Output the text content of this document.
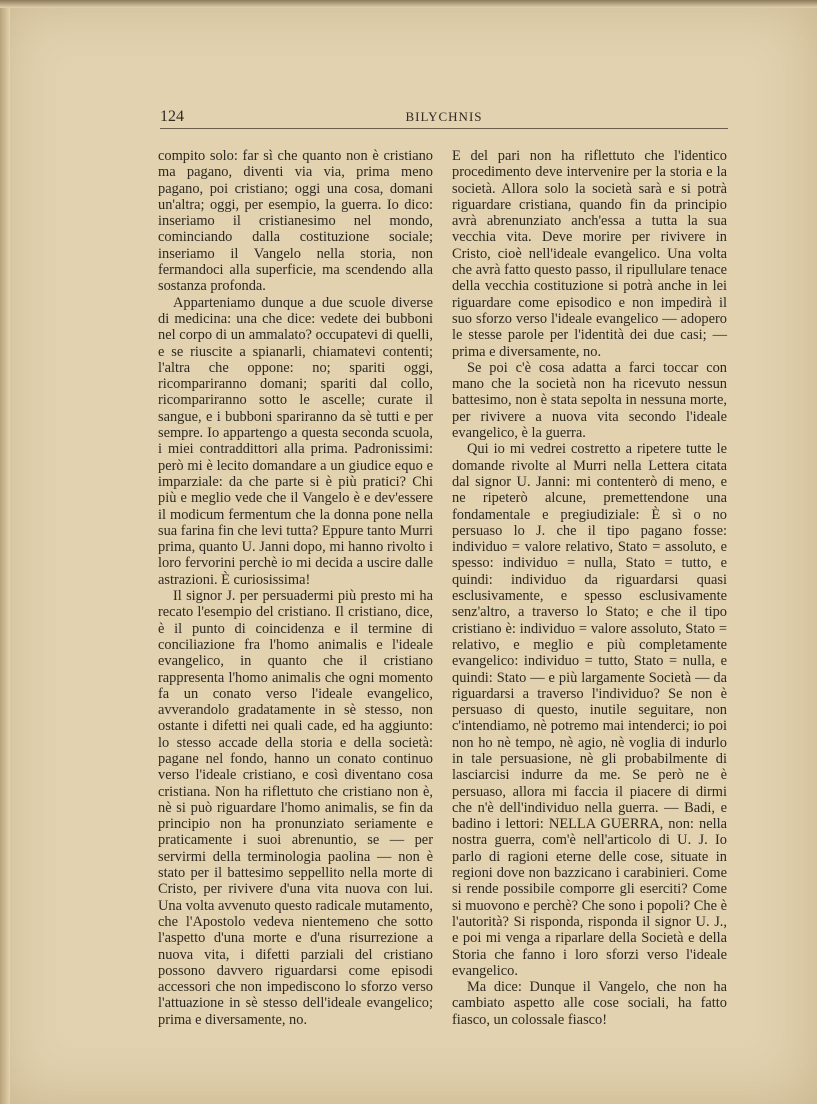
124	BILYCHNIS

compito solo: far sì che quanto non è cristiano ma pagano, diventi via via, prima meno pagano, poi cristiano; oggi una cosa, domani un'altra; oggi, per esempio, la guerra. Io dico: inseriamo il cristianesimo nel mondo, cominciando dalla costituzione sociale; inseriamo il Vangelo nella storia, non fermandoci alla superficie, ma scendendo alla sostanza profonda.

Apparteniamo dunque a due scuole diverse di medicina: una che dice: vedete dei bubboni nel corpo di un ammalato? occupatevi di quelli, e se riuscite a spianarli, chiamatevi contenti; l'altra che oppone: no; spariti oggi, ricompariranno domani; spariti dal collo, ricompariranno sotto le ascelle; curate il sangue, e i bubboni spariranno da sè tutti e per sempre. Io appartengo a questa seconda scuola, i miei contraddittori alla prima. Padronissimi: però mi è lecito domandare a un giudice equo e imparziale: da che parte si è più pratici? Chi più e meglio vede che il Vangelo è e dev'essere il modicum fermentum che la donna pone nella sua farina fin che levi tutta? Eppure tanto Murri prima, quanto U. Janni dopo, mi hanno rivolto i loro fervorini perchè io mi decida a uscire dalle astrazioni. È curiosissima!

Il signor J. per persuadermi più presto mi ha recato l'esempio del cristiano. Il cristiano, dice, è il punto di coincidenza e il termine di conciliazione fra l'homo animalis e l'ideale evangelico, in quanto che il cristiano rappresenta l'homo animalis che ogni momento fa un conato verso l'ideale evangelico, avverandolo gradatamente in sè stesso, non ostante i difetti nei quali cade, ed ha aggiunto: lo stesso accade della storia e della società: pagane nel fondo, hanno un conato continuo verso l'ideale cristiano, e così diventano cosa cristiana. Non ha riflettuto che cristiano non è, nè si può riguardare l'homo animalis, se fin da principio non ha pronunziato seriamente e praticamente i suoi abrenuntio, se — per servirmi della terminologia paolina — non è stato per il battesimo seppellito nella morte di Cristo, per rivivere d'una vita nuova con lui. Una volta avvenuto questo radicale mutamento, che l'Apostolo vedeva nientemeno che sotto l'aspetto d'una morte e d'una risurrezione a nuova vita, i difetti parziali del cristiano possono davvero riguardarsi come episodi accessori che non impediscono lo sforzo verso l'attuazione in sè stesso dell'ideale evangelico; prima e diversamente, no.

E del pari non ha riflettuto che l'identico procedimento deve intervenire per la storia e la società. Allora solo la società sarà e si potrà riguardare cristiana, quando fin da principio avrà abrenunziato anch'essa a tutta la sua vecchia vita. Deve morire per rivivere in Cristo, cioè nell'ideale evangelico. Una volta che avrà fatto questo passo, il ripullulare tenace della vecchia costituzione si potrà anche in lei riguardare come episodico e non impedirà il suo sforzo verso l'ideale evangelico — adopero le stesse parole per l'identità dei due casi; — prima e diversamente, no.

Se poi c'è cosa adatta a farci toccar con mano che la società non ha ricevuto nessun battesimo, non è stata sepolta in nessuna morte, per rivivere a nuova vita secondo l'ideale evangelico, è la guerra.

Qui io mi vedrei costretto a ripetere tutte le domande rivolte al Murri nella Lettera citata dal signor U. Janni: mi contenterò di meno, e ne ripeterò alcune, premettendone una fondamentale e pregiudiziale: È sì o no persuaso lo J. che il tipo pagano fosse: individuo = valore relativo, Stato = assoluto, e spesso: individuo = nulla, Stato = tutto, e quindi: individuo da riguardarsi quasi esclusivamente, e spesso esclusivamente senz'altro, a traverso lo Stato; e che il tipo cristiano è: individuo = valore assoluto, Stato = relativo, e meglio e più completamente evangelico: individuo = tutto, Stato = nulla, e quindi: Stato — e più largamente Società — da riguardarsi a traverso l'individuo? Se non è persuaso di questo, inutile seguitare, non c'intendiamo, nè potremo mai intenderci; io poi non ho nè tempo, nè agio, nè voglia di indurlo in tale persuasione, nè gli probabilmente di lasciarcisi indurre da me. Se però ne è persuaso, allora mi faccia il piacere di dirmi che n'è dell'individuo nella guerra. — Badi, e badino i lettori: NELLA GUERRA, non: nella nostra guerra, com'è nell'articolo di U. J. Io parlo di ragioni eterne delle cose, situate in regioni dove non bazzicano i carabinieri. Come si rende possibile comporre gli eserciti? Come si muovono e perchè? Che sono i popoli? Che è l'autorità? Si risponda, risponda il signor U. J., e poi mi venga a riparlare della Società e della Storia che fanno i loro sforzi verso l'ideale evangelico.

Ma dice: Dunque il Vangelo, che non ha cambiato aspetto alle cose sociali, ha fatto fiasco, un colossale fiasco!
